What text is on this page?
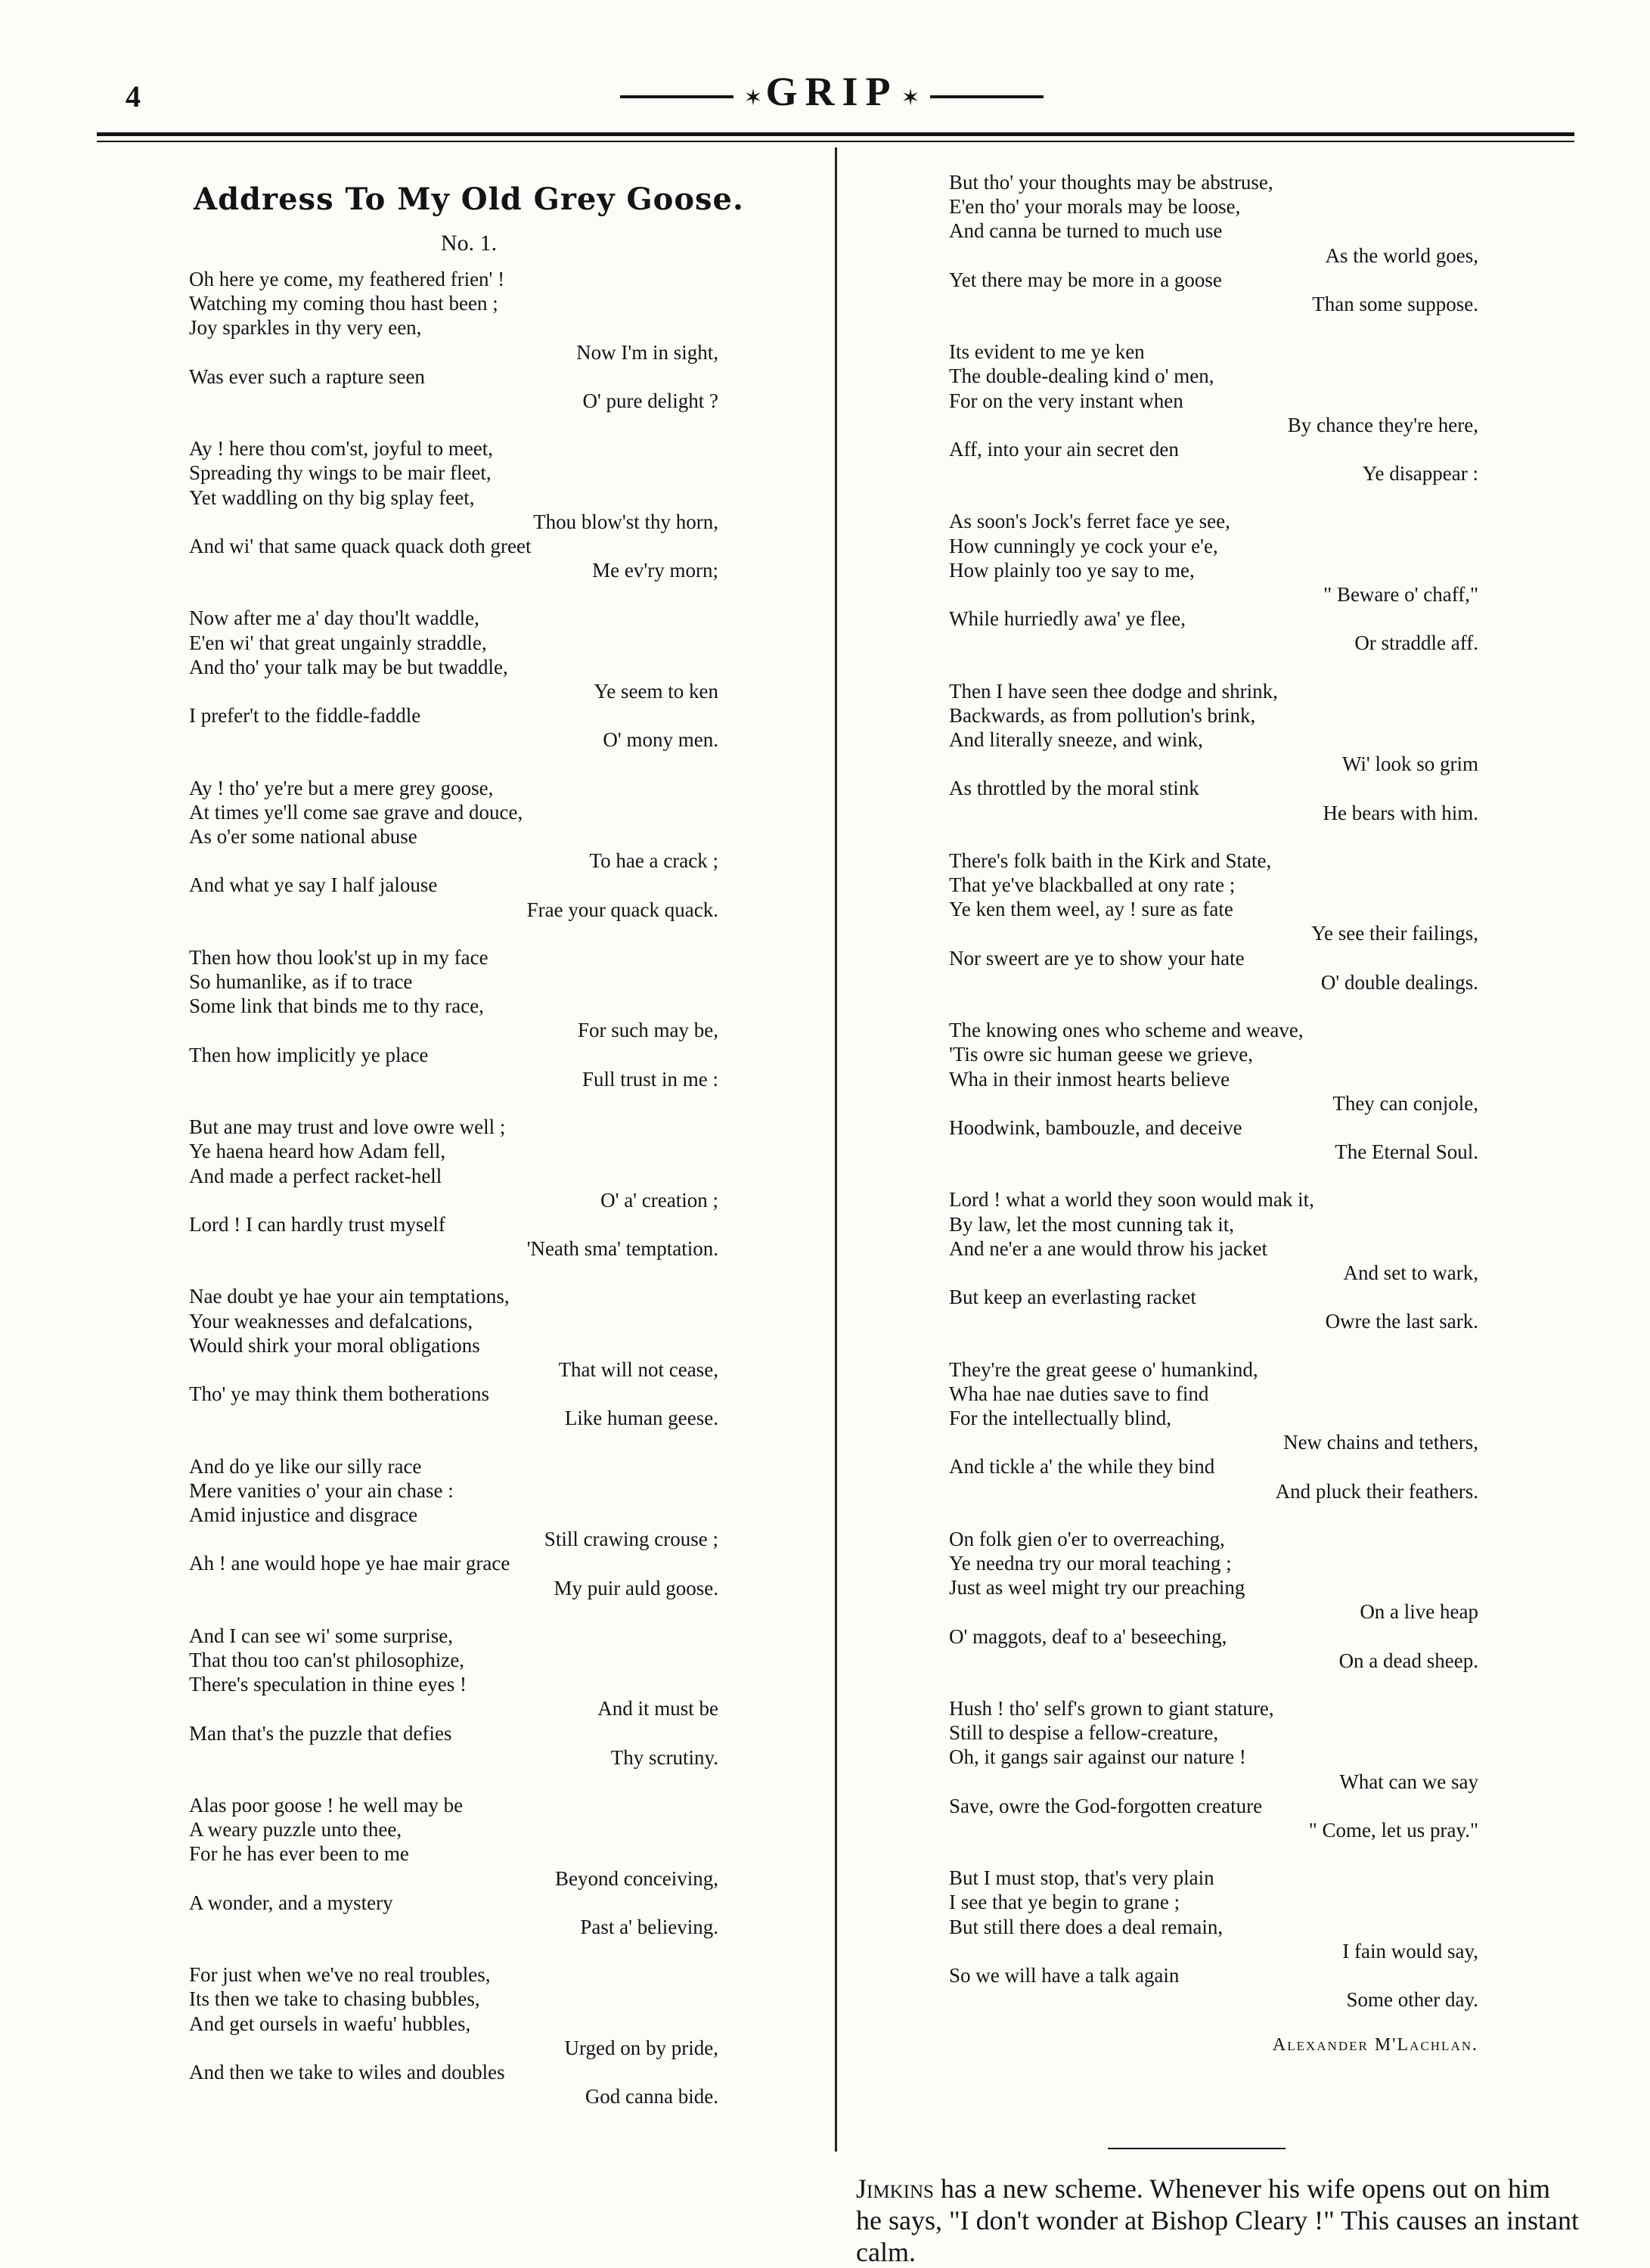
4	✶ GRIP ✶
Address To My Old Grey Goose.
No. 1.
Oh here ye come, my feathered frien' !
Watching my coming thou hast been ;
Joy sparkles in thy very een,
Now I'm in sight,
Was ever such a rapture seen
O' pure delight ?
Ay ! here thou com'st, joyful to meet,
Spreading thy wings to be mair fleet,
Yet waddling on thy big splay feet,
Thou blow'st thy horn,
And wi' that same quack quack doth greet
Me ev'ry morn;
Now after me a' day thou'lt waddle,
E'en wi' that great ungainly straddle,
And tho' your talk may be but twaddle,
Ye seem to ken
I prefer't to the fiddle-faddle
O' mony men.
Ay ! tho' ye're but a mere grey goose,
At times ye'll come sae grave and douce,
As o'er some national abuse
To hae a crack ;
And what ye say I half jalouse
Frae your quack quack.
Then how thou look'st up in my face
So humanlike, as if to trace
Some link that binds me to thy race,
For such may be,
Then how implicitly ye place
Full trust in me :
But ane may trust and love owre well ;
Ye haena heard how Adam fell,
And made a perfect racket-hell
O' a' creation ;
Lord ! I can hardly trust myself
'Neath sma' temptation.
Nae doubt ye hae your ain temptations,
Your weaknesses and defalcations,
Would shirk your moral obligations
That will not cease,
Tho' ye may think them botherations
Like human geese.
And do ye like our silly race
Mere vanities o' your ain chase :
Amid injustice and disgrace
Still crawing crouse ;
Ah ! ane would hope ye hae mair grace
My puir auld goose.
And I can see wi' some surprise,
That thou too can'st philosophize,
There's speculation in thine eyes !
And it must be
Man that's the puzzle that defies
Thy scrutiny.
Alas poor goose ! he well may be
A weary puzzle unto thee,
For he has ever been to me
Beyond conceiving,
A wonder, and a mystery
Past a' believing.
For just when we've no real troubles,
Its then we take to chasing bubbles,
And get oursels in waefu' hubbles,
Urged on by pride,
And then we take to wiles and doubles
God canna bide.
But tho' your thoughts may be abstruse,
E'en tho' your morals may be loose,
And canna be turned to much use
As the world goes,
Yet there may be more in a goose
Than some suppose.
Its evident to me ye ken
The double-dealing kind o' men,
For on the very instant when
By chance they're here,
Aff, into your ain secret den
Ye disappear :
As soon's Jock's ferret face ye see,
How cunningly ye cock your e'e,
How plainly too ye say to me,
" Beware o' chaff,"
While hurriedly awa' ye flee,
Or straddle aff.
Then I have seen thee dodge and shrink,
Backwards, as from pollution's brink,
And literally sneeze, and wink,
Wi' look so grim
As throttled by the moral stink
He bears with him.
There's folk baith in the Kirk and State,
That ye've blackballed at ony rate ;
Ye ken them weel, ay ! sure as fate
Ye see their failings,
Nor sweert are ye to show your hate
O' double dealings.
The knowing ones who scheme and weave,
'Tis owre sic human geese we grieve,
Wha in their inmost hearts believe
They can conjole,
Hoodwink, bambouzle, and deceive
The Eternal Soul.
Lord ! what a world they soon would mak it,
By law, let the most cunning tak it,
And ne'er a ane would throw his jacket
And set to wark,
But keep an everlasting racket
Owre the last sark.
They're the great geese o' humankind,
Wha hae nae duties save to find
For the intellectually blind,
New chains and tethers,
And tickle a' the while they bind
And pluck their feathers.
On folk gien o'er to overreaching,
Ye needna try our moral teaching ;
Just as weel might try our preaching
On a live heap
O' maggots, deaf to a' beseeching,
On a dead sheep.
Hush ! tho' self's grown to giant stature,
Still to despise a fellow-creature,
Oh, it gangs sair against our nature !
What can we say
Save, owre the God-forgotten creature
" Come, let us pray."
But I must stop, that's very plain
I see that ye begin to grane ;
But still there does a deal remain,
I fain would say,
So we will have a talk again
Some other day.
Alexander M'Lachlan.
Jimkins has a new scheme. Whenever his wife opens out on him he says, "I don't wonder at Bishop Cleary !" This causes an instant calm.
